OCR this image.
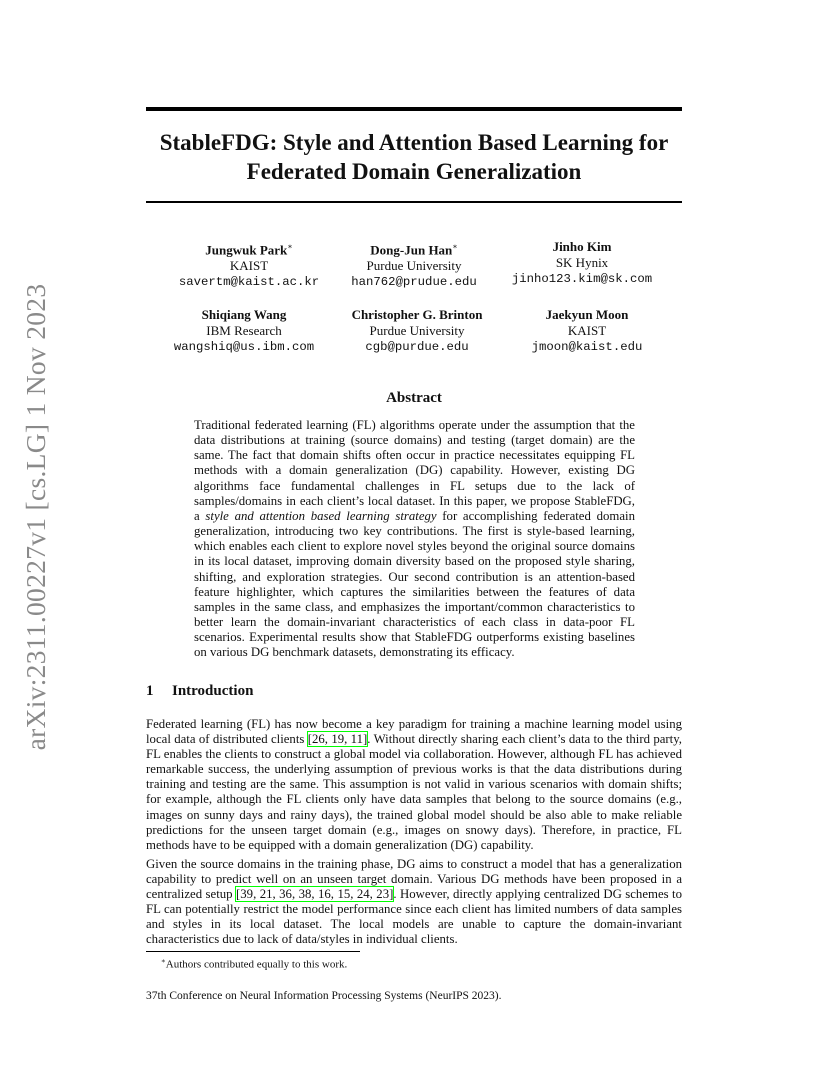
arXiv:2311.00227v1 [cs.LG] 1 Nov 2023
StableFDG: Style and Attention Based Learning for
Federated Domain Generalization
Jungwuk Park∗
KAIST
savertm@kaist.ac.kr
Dong-Jun Han∗
Purdue University
han762@prudue.edu
Jinho Kim
SK Hynix
jinho123.kim@sk.com
Shiqiang Wang
IBM Research
wangshiq@us.ibm.com
Christopher G. Brinton
Purdue University
cgb@purdue.edu
Jaekyun Moon
KAIST
jmoon@kaist.edu
Abstract
Traditional federated learning (FL) algorithms operate under the assumption that the data distributions at training (source domains) and testing (target domain) are the same. The fact that domain shifts often occur in practice necessitates equipping FL methods with a domain generalization (DG) capability. However, existing DG algorithms face fundamental challenges in FL setups due to the lack of samples/domains in each client’s local dataset. In this paper, we propose StableFDG, a style and attention based learning strategy for accomplishing federated domain generalization, introducing two key contributions. The first is style-based learning, which enables each client to explore novel styles beyond the original source domains in its local dataset, improving domain diversity based on the proposed style sharing, shifting, and exploration strategies. Our second contribution is an attention-based feature highlighter, which captures the similarities between the features of data samples in the same class, and emphasizes the important/common characteristics to better learn the domain-invariant characteristics of each class in data-poor FL scenarios. Experimental results show that StableFDG outperforms existing baselines on various DG benchmark datasets, demonstrating its efficacy.
1 Introduction
Federated learning (FL) has now become a key paradigm for training a machine learning model using local data of distributed clients [26, 19, 11]. Without directly sharing each client’s data to the third party, FL enables the clients to construct a global model via collaboration. However, although FL has achieved remarkable success, the underlying assumption of previous works is that the data distributions during training and testing are the same. This assumption is not valid in various scenarios with domain shifts; for example, although the FL clients only have data samples that belong to the source domains (e.g., images on sunny days and rainy days), the trained global model should be also able to make reliable predictions for the unseen target domain (e.g., images on snowy days). Therefore, in practice, FL methods have to be equipped with a domain generalization (DG) capability.
Given the source domains in the training phase, DG aims to construct a model that has a generalization capability to predict well on an unseen target domain. Various DG methods have been proposed in a centralized setup [39, 21, 36, 38, 16, 15, 24, 23]. However, directly applying centralized DG schemes to FL can potentially restrict the model performance since each client has limited numbers of data samples and styles in its local dataset. The local models are unable to capture the domain-invariant characteristics due to lack of data/styles in individual clients.
∗Authors contributed equally to this work.
37th Conference on Neural Information Processing Systems (NeurIPS 2023).
